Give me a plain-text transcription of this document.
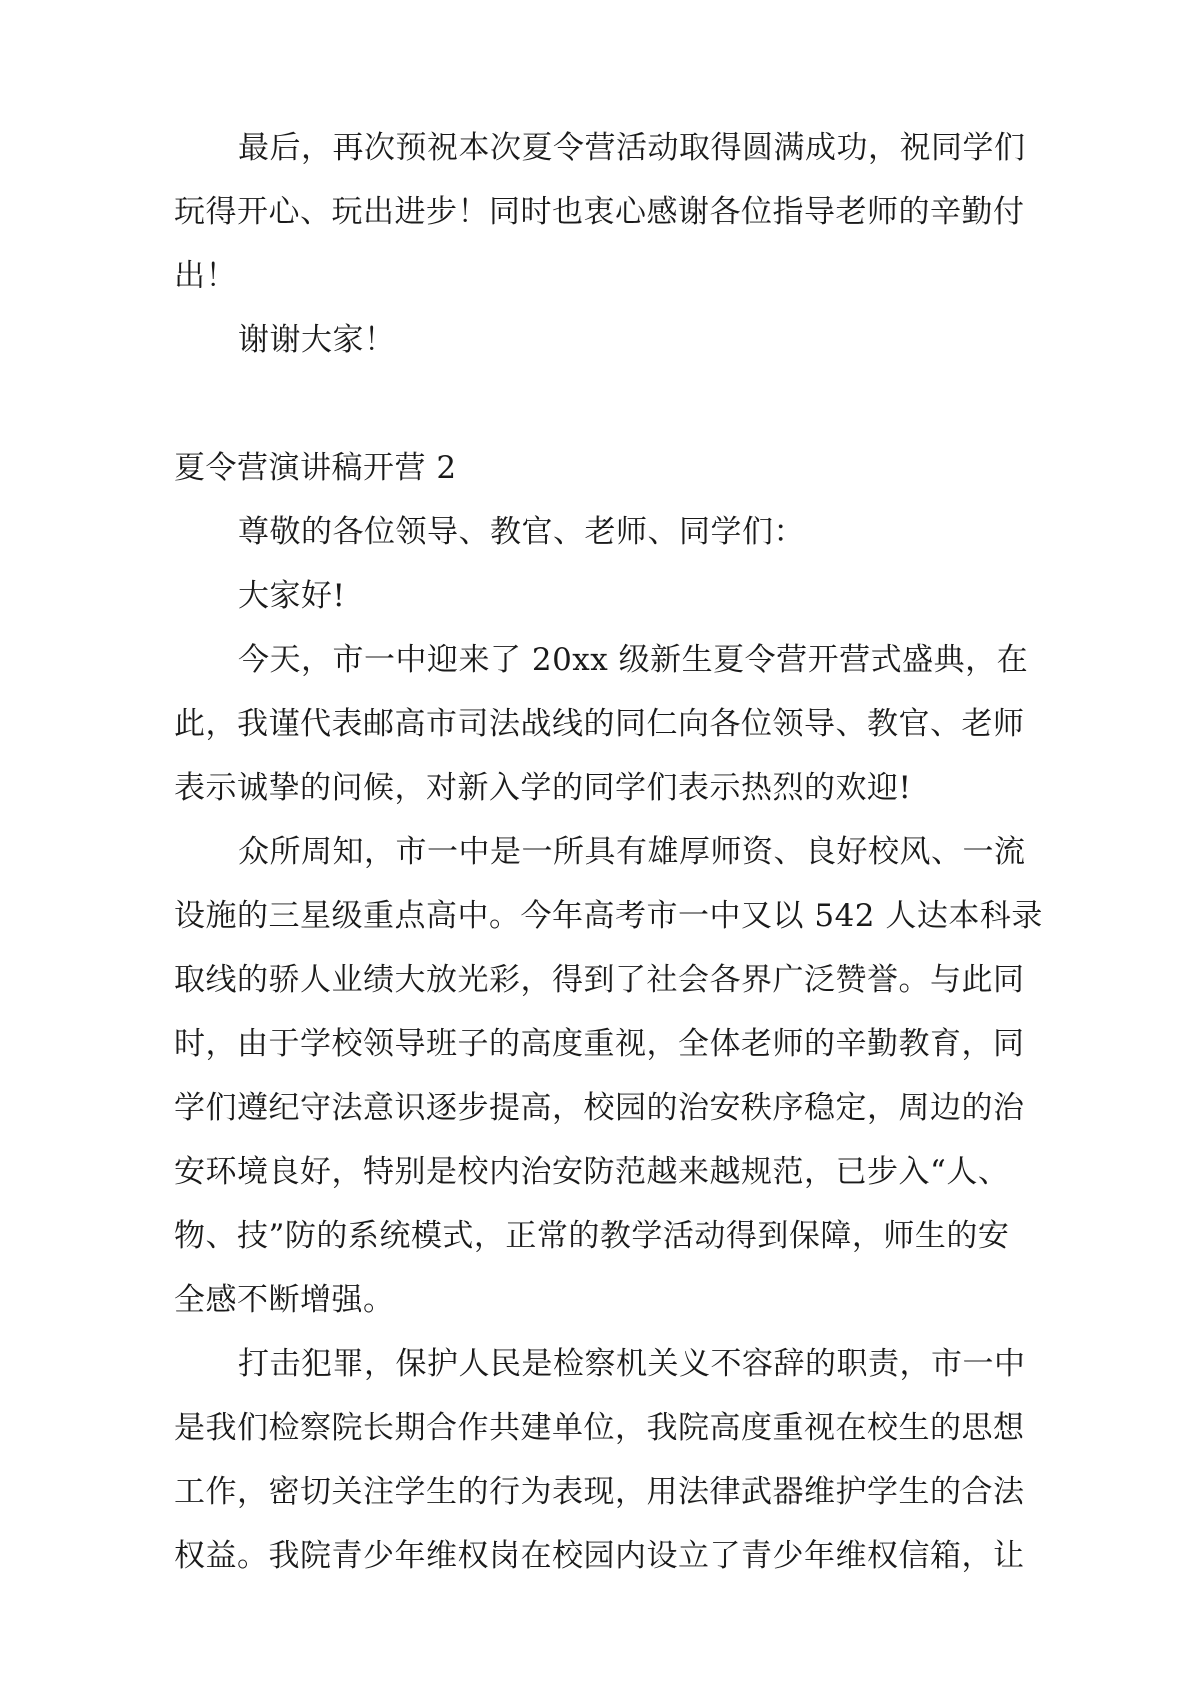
最后，再次预祝本次夏令营活动取得圆满成功，祝同学们
玩得开心、玩出进步！同时也衷心感谢各位指导老师的辛勤付
出！
谢谢大家！
夏令营演讲稿开营 2
尊敬的各位领导、教官、老师、同学们：
大家好!
今天，市一中迎来了 20xx 级新生夏令营开营式盛典，在
此，我谨代表邮高市司法战线的同仁向各位领导、教官、老师
表示诚挚的问候，对新入学的同学们表示热烈的欢迎!
众所周知，市一中是一所具有雄厚师资、良好校风、一流
设施的三星级重点高中。今年高考市一中又以 542 人达本科录
取线的骄人业绩大放光彩，得到了社会各界广泛赞誉。与此同
时，由于学校领导班子的高度重视，全体老师的辛勤教育，同
学们遵纪守法意识逐步提高，校园的治安秩序稳定，周边的治
安环境良好，特别是校内治安防范越来越规范，已步入“人、
物、技”防的系统模式，正常的教学活动得到保障，师生的安
全感不断增强。
打击犯罪，保护人民是检察机关义不容辞的职责，市一中
是我们检察院长期合作共建单位，我院高度重视在校生的思想
工作，密切关注学生的行为表现，用法律武器维护学生的合法
权益。我院青少年维权岗在校园内设立了青少年维权信箱，让
